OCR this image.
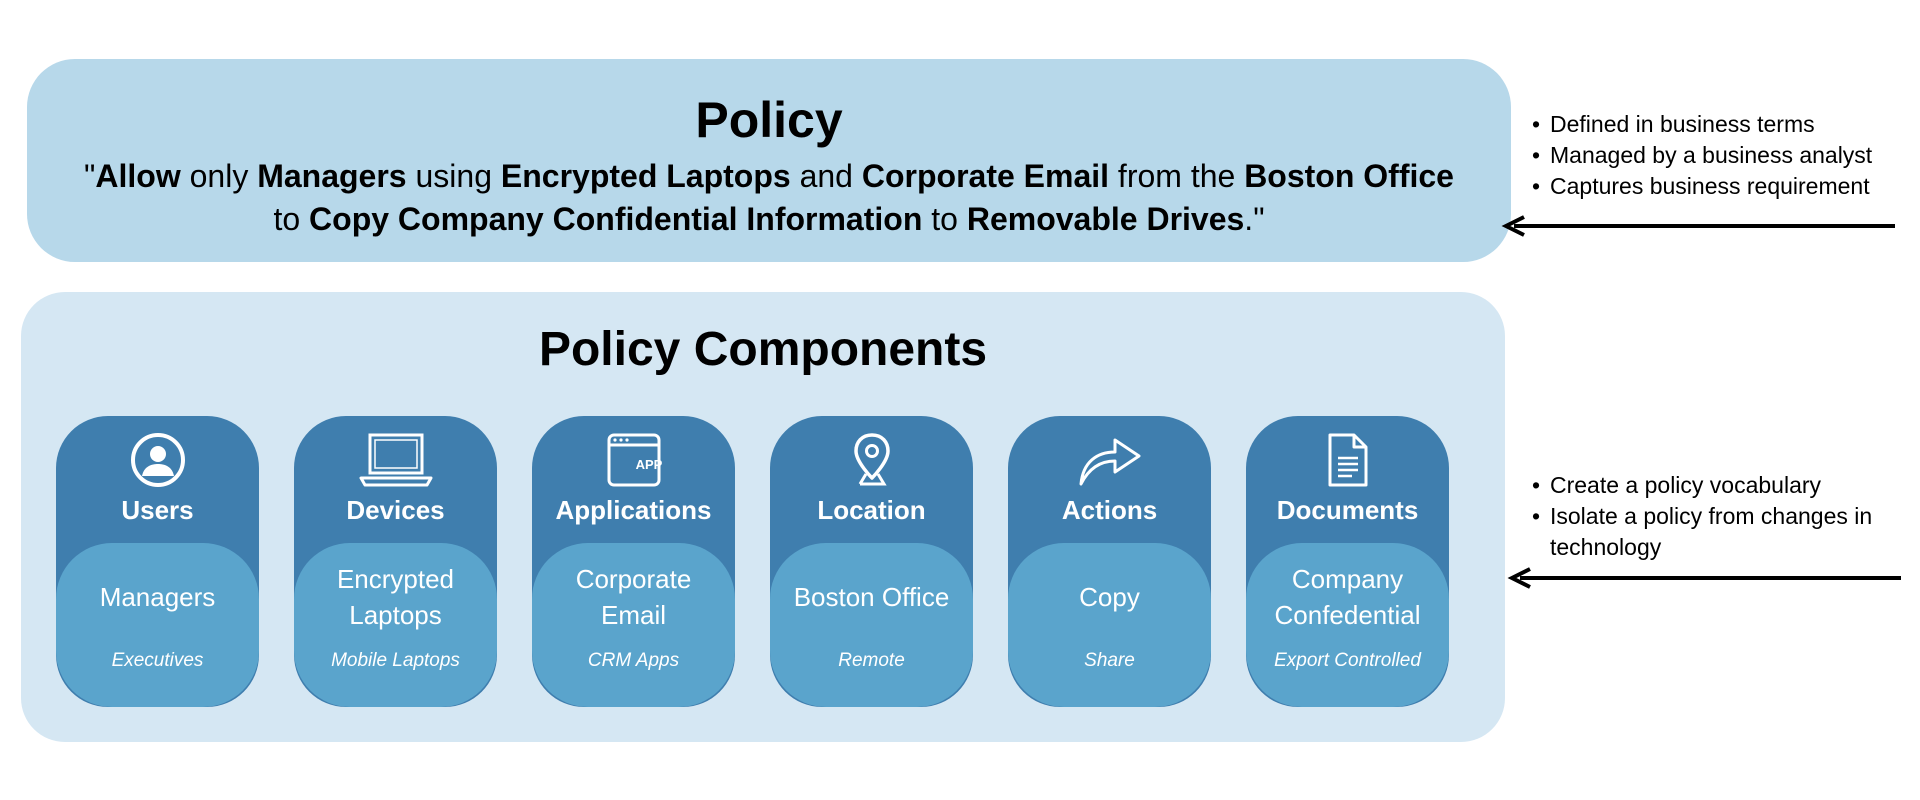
Policy
"Allow only Managers using Encrypted Laptops and Corporate Email from the Boston Office to Copy Company Confidential Information to Removable Drives."
Policy Components
Users
Managers
Executives
Devices
Encrypted Laptops
Mobile Laptops
APP
Applications
Corporate Email
CRM Apps
Location
Boston Office
Remote
Actions
Copy
Share
Documents
Company Confedential
Export Controlled
• Defined in business terms
• Managed by a business analyst
• Captures business requirement
• Create a policy vocabulary
• Isolate a policy from changes in technology
